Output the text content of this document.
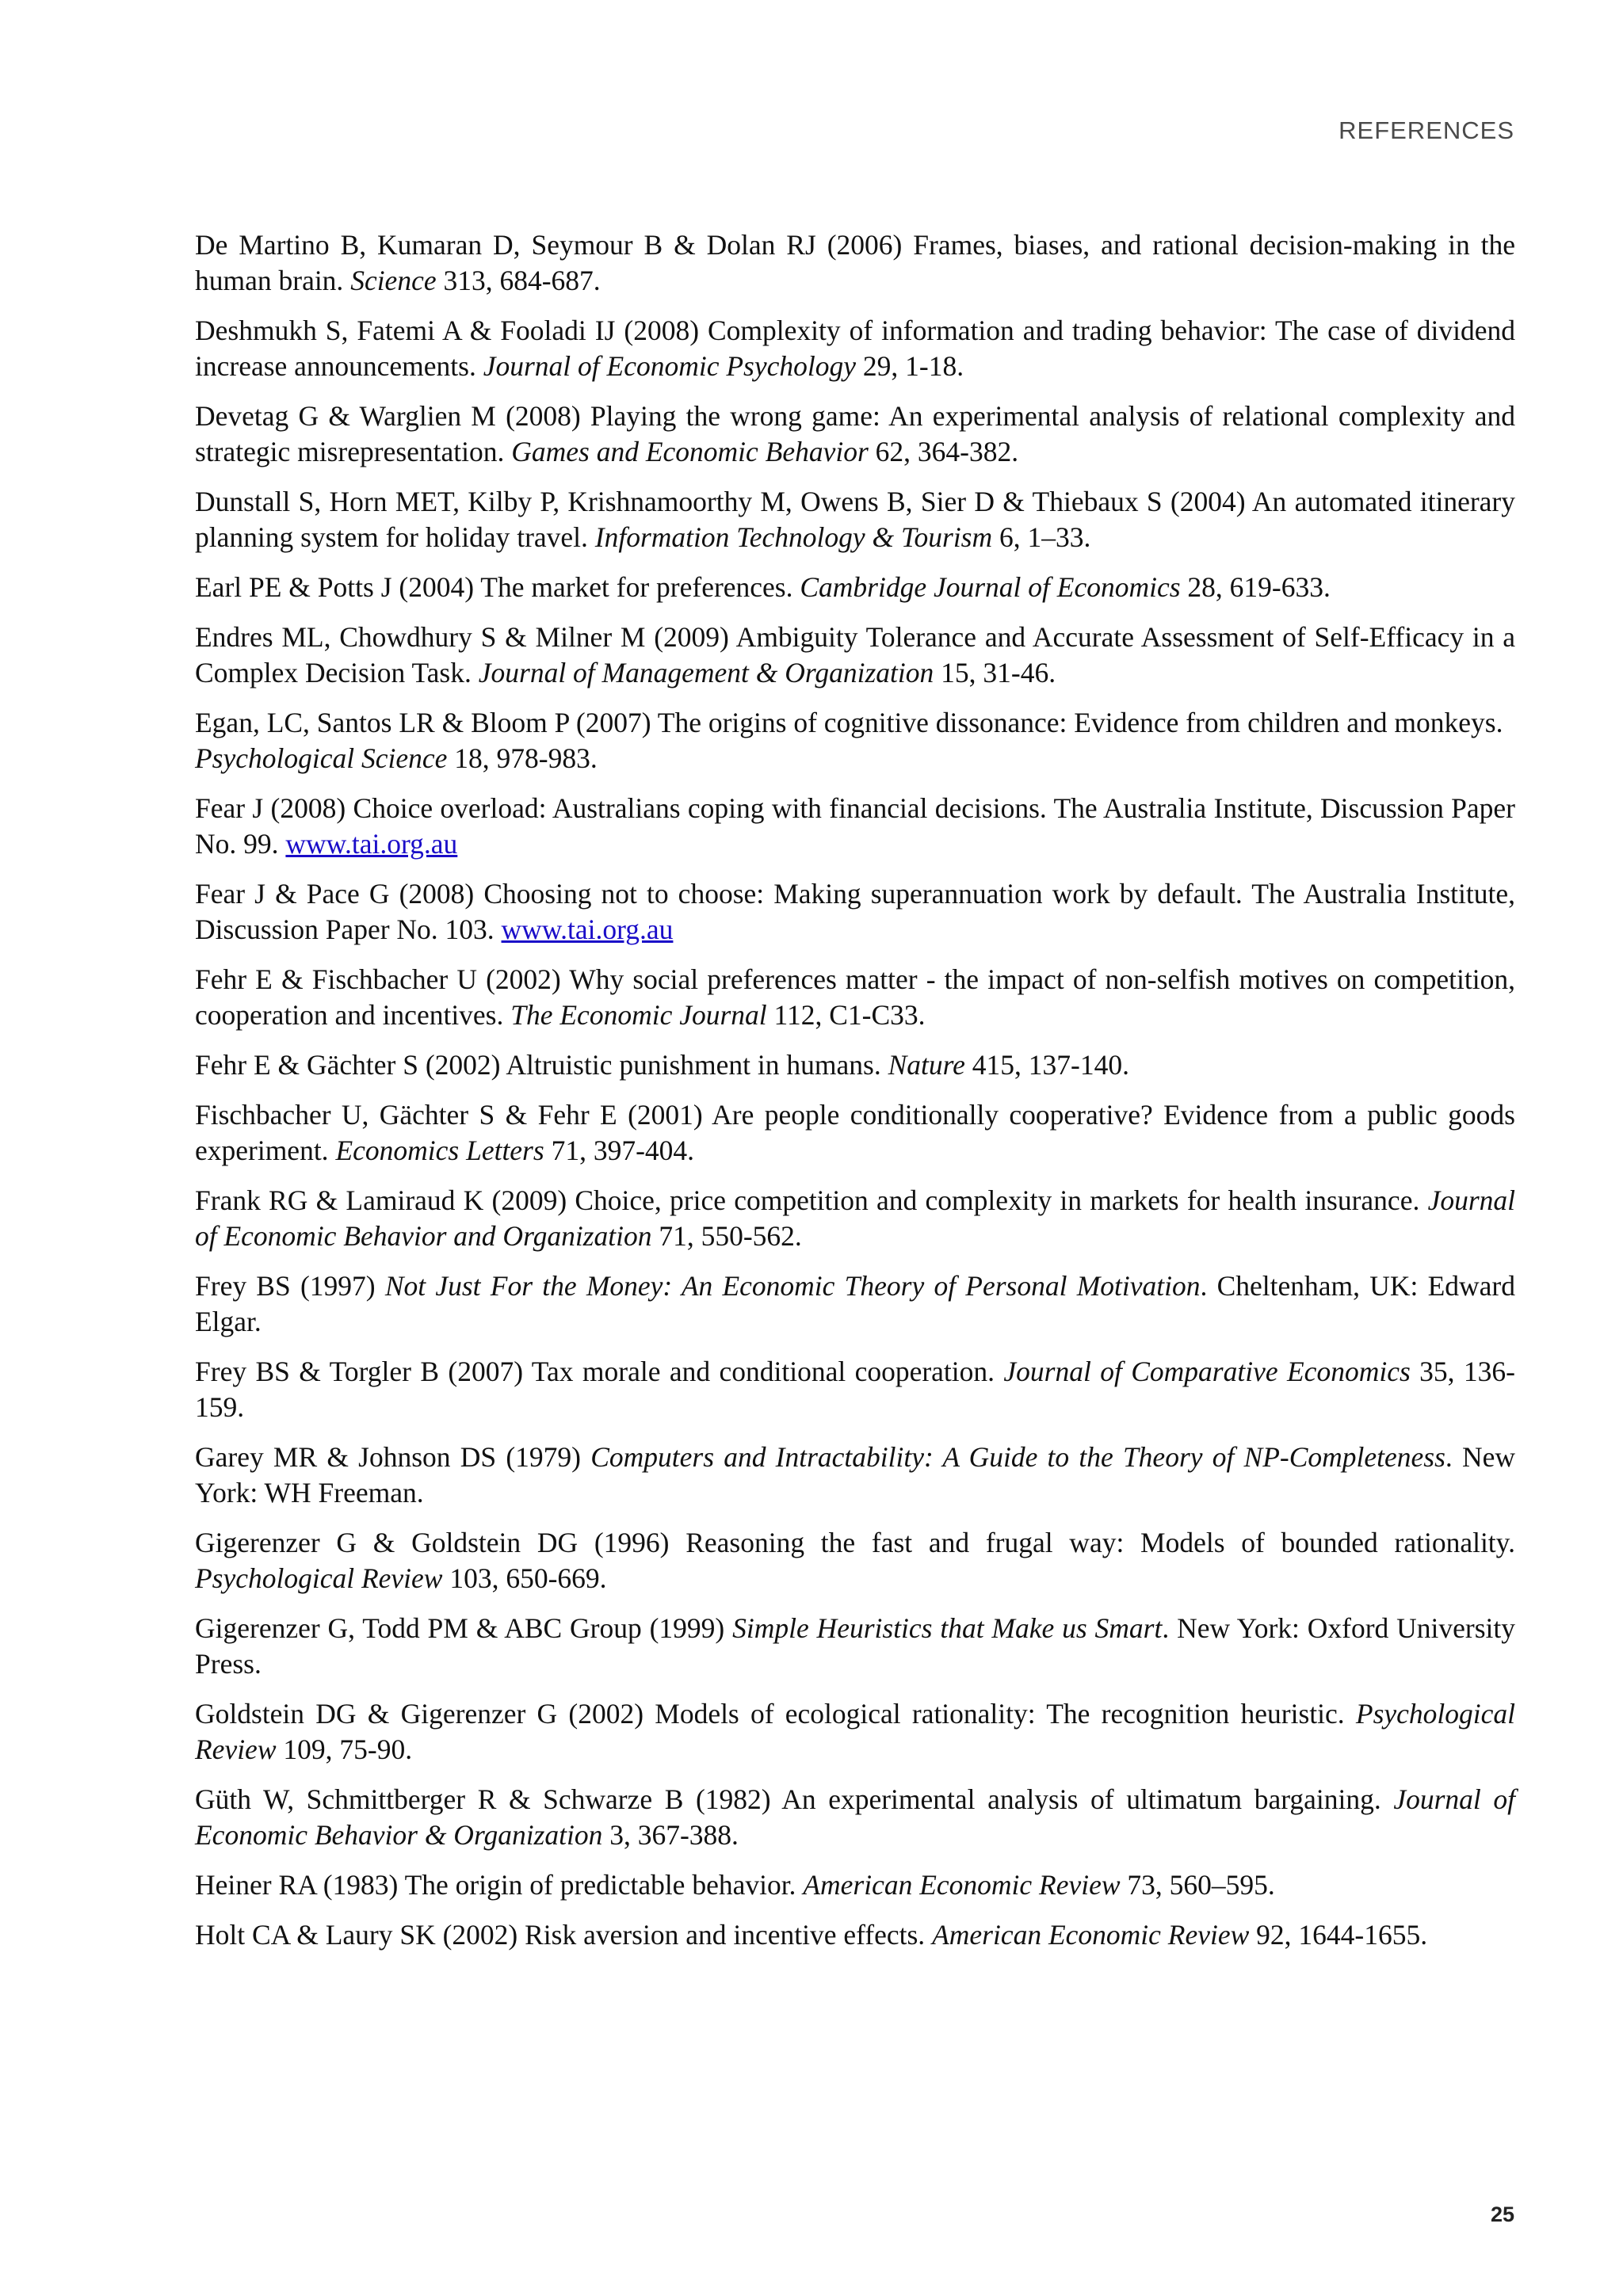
REFERENCES

De Martino B, Kumaran D, Seymour B & Dolan RJ (2006) Frames, biases, and rational decision-making in the human brain. Science 313, 684-687.

Deshmukh S, Fatemi A & Fooladi IJ (2008) Complexity of information and trading behavior: The case of dividend increase announcements. Journal of Economic Psychology 29, 1-18.

Devetag G & Warglien M (2008) Playing the wrong game: An experimental analysis of relational complexity and strategic misrepresentation. Games and Economic Behavior 62, 364-382.

Dunstall S, Horn MET, Kilby P, Krishnamoorthy M, Owens B, Sier D & Thiebaux S (2004) An automated itinerary planning system for holiday travel. Information Technology & Tourism 6, 1–33.

Earl PE & Potts J (2004) The market for preferences. Cambridge Journal of Economics 28, 619-633.

Endres ML, Chowdhury S & Milner M (2009) Ambiguity Tolerance and Accurate Assessment of Self-Efficacy in a Complex Decision Task. Journal of Management & Organization 15, 31-46.

Egan, LC, Santos LR & Bloom P (2007) The origins of cognitive dissonance: Evidence from children and monkeys. Psychological Science 18, 978-983.

Fear J (2008) Choice overload: Australians coping with financial decisions. The Australia Institute, Discussion Paper No. 99. www.tai.org.au

Fear J & Pace G (2008) Choosing not to choose: Making superannuation work by default. The Australia Institute, Discussion Paper No. 103. www.tai.org.au

Fehr E & Fischbacher U (2002) Why social preferences matter - the impact of non-selfish motives on competition, cooperation and incentives. The Economic Journal 112, C1-C33.

Fehr E & Gächter S (2002) Altruistic punishment in humans. Nature 415, 137-140.

Fischbacher U, Gächter S & Fehr E (2001) Are people conditionally cooperative? Evidence from a public goods experiment. Economics Letters 71, 397-404.

Frank RG & Lamiraud K (2009) Choice, price competition and complexity in markets for health insurance. Journal of Economic Behavior and Organization 71, 550-562.

Frey BS (1997) Not Just For the Money: An Economic Theory of Personal Motivation. Cheltenham, UK: Edward Elgar.

Frey BS & Torgler B (2007) Tax morale and conditional cooperation. Journal of Comparative Economics 35, 136-159.

Garey MR & Johnson DS (1979) Computers and Intractability: A Guide to the Theory of NP-Completeness. New York: WH Freeman.

Gigerenzer G & Goldstein DG (1996) Reasoning the fast and frugal way: Models of bounded rationality. Psychological Review 103, 650-669.

Gigerenzer G, Todd PM & ABC Group (1999) Simple Heuristics that Make us Smart. New York: Oxford University Press.

Goldstein DG & Gigerenzer G (2002) Models of ecological rationality: The recognition heuristic. Psychological Review 109, 75-90.

Güth W, Schmittberger R & Schwarze B (1982) An experimental analysis of ultimatum bargaining. Journal of Economic Behavior & Organization 3, 367-388.

Heiner RA (1983) The origin of predictable behavior. American Economic Review 73, 560–595.

Holt CA & Laury SK (2002) Risk aversion and incentive effects. American Economic Review 92, 1644-1655.

25
